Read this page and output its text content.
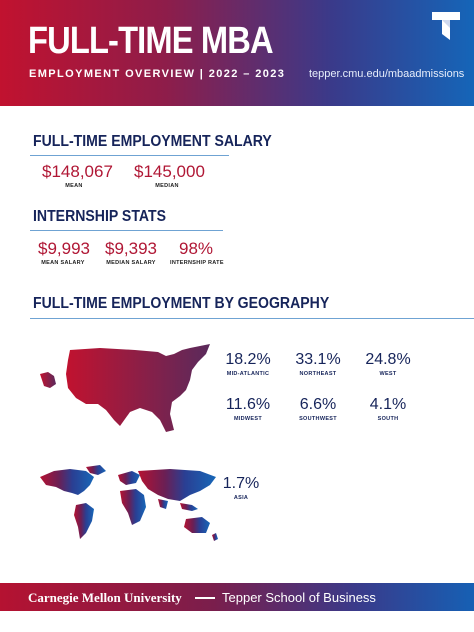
FULL-TIME MBA
EMPLOYMENT OVERVIEW | 2022 – 2023 tepper.cmu.edu/mbaadmissions
FULL-TIME EMPLOYMENT SALARY
$148,067
MEAN
$145,000
MEDIAN
INTERNSHIP STATS
$9,993
MEAN SALARY
$9,393
MEDIAN SALARY
98%
INTERNSHIP RATE
FULL-TIME EMPLOYMENT BY GEOGRAPHY
18.2%
MID-ATLANTIC
33.1%
NORTHEAST
24.8%
WEST
11.6%
MIDWEST
6.6%
SOUTHWEST
4.1%
SOUTH
1.7%
ASIA
Carnegie Mellon University	Tepper School of Business
